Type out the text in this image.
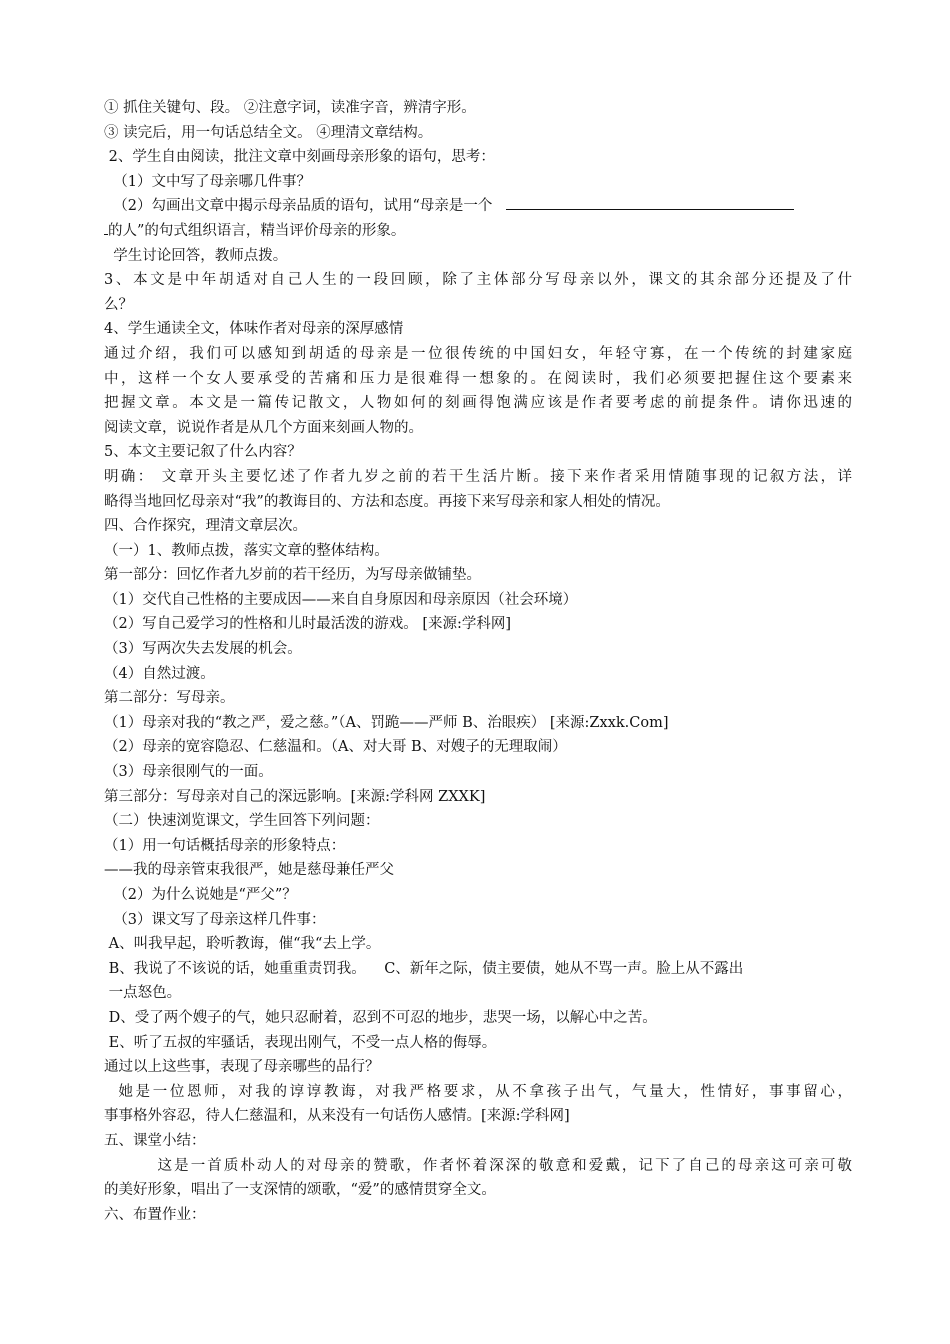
① 抓住关键句、段。 ②注意字词，读准字音，辨清字形。
③ 读完后，用一句话总结全文。 ④理清文章结构。
2、学生自由阅读，批注文章中刻画母亲形象的语句，思考：
（1）文中写了母亲哪几件事？
（2）勾画出文章中揭示母亲品质的语句，试用“母亲是一个
的人”的句式组织语言，精当评价母亲的形象。
学生讨论回答，教师点拨。
3、本文是中年胡适对自己人生的一段回顾，除了主体部分写母亲以外，课文的其余部分还提及了什
么？
4、学生通读全文，体味作者对母亲的深厚感情
通过介绍，我们可以感知到胡适的母亲是一位很传统的中国妇女，年轻守寡，在一个传统的封建家庭
中，这样一个女人要承受的苦痛和压力是很难得一想象的。在阅读时，我们必须要把握住这个要素来
把握文章。本文是一篇传记散文，人物如何的刻画得饱满应该是作者要考虑的前提条件。请你迅速的
阅读文章，说说作者是从几个方面来刻画人物的。
5、本文主要记叙了什么内容？
明确： 文章开头主要忆述了作者九岁之前的若干生活片断。接下来作者采用情随事现的记叙方法，详
略得当地回忆母亲对“我”的教诲目的、方法和态度。再接下来写母亲和家人相处的情况。
四、合作探究，理清文章层次。
（一）1、教师点拨，落实文章的整体结构。
第一部分：回忆作者九岁前的若干经历，为写母亲做铺垫。
（1）交代自己性格的主要成因——来自自身原因和母亲原因（社会环境）
（2）写自己爱学习的性格和儿时最活泼的游戏。 [来源:学科网]
（3）写两次失去发展的机会。
（4）自然过渡。
第二部分：写母亲。
（1）母亲对我的“教之严，爱之慈。”（A、罚跪——严师 B、治眼疾） [来源:Zxxk.Com]
（2）母亲的宽容隐忍、仁慈温和。（A、对大哥 B、对嫂子的无理取闹）
（3）母亲很刚气的一面。
第三部分：写母亲对自己的深远影响。[来源:学科网 ZXXK]
（二）快速浏览课文，学生回答下列问题：
（1）用一句话概括母亲的形象特点：
——我的母亲管束我很严，她是慈母兼任严父
（2）为什么说她是“严父”？
（3）课文写了母亲这样几件事：
A、叫我早起，聆听教诲，催“我“去上学。
B、我说了不该说的话，她重重责罚我。    C、新年之际，债主要债，她从不骂一声。脸上从不露出
一点怒色。
D、受了两个嫂子的气，她只忍耐着，忍到不可忍的地步，悲哭一场，以解心中之苦。
E、听了五叔的牢骚话，表现出刚气，不受一点人格的侮辱。
通过以上这些事，表现了母亲哪些的品行？
她是一位恩师，对我的谆谆教诲，对我严格要求，从不拿孩子出气，气量大，性情好，事事留心，
事事格外容忍，待人仁慈温和，从来没有一句话伤人感情。[来源:学科网]
五、课堂小结：
这是一首质朴动人的对母亲的赞歌，作者怀着深深的敬意和爱戴，记下了自己的母亲这可亲可敬
的美好形象，唱出了一支深情的颂歌，“爱”的感情贯穿全文。
六、布置作业：
